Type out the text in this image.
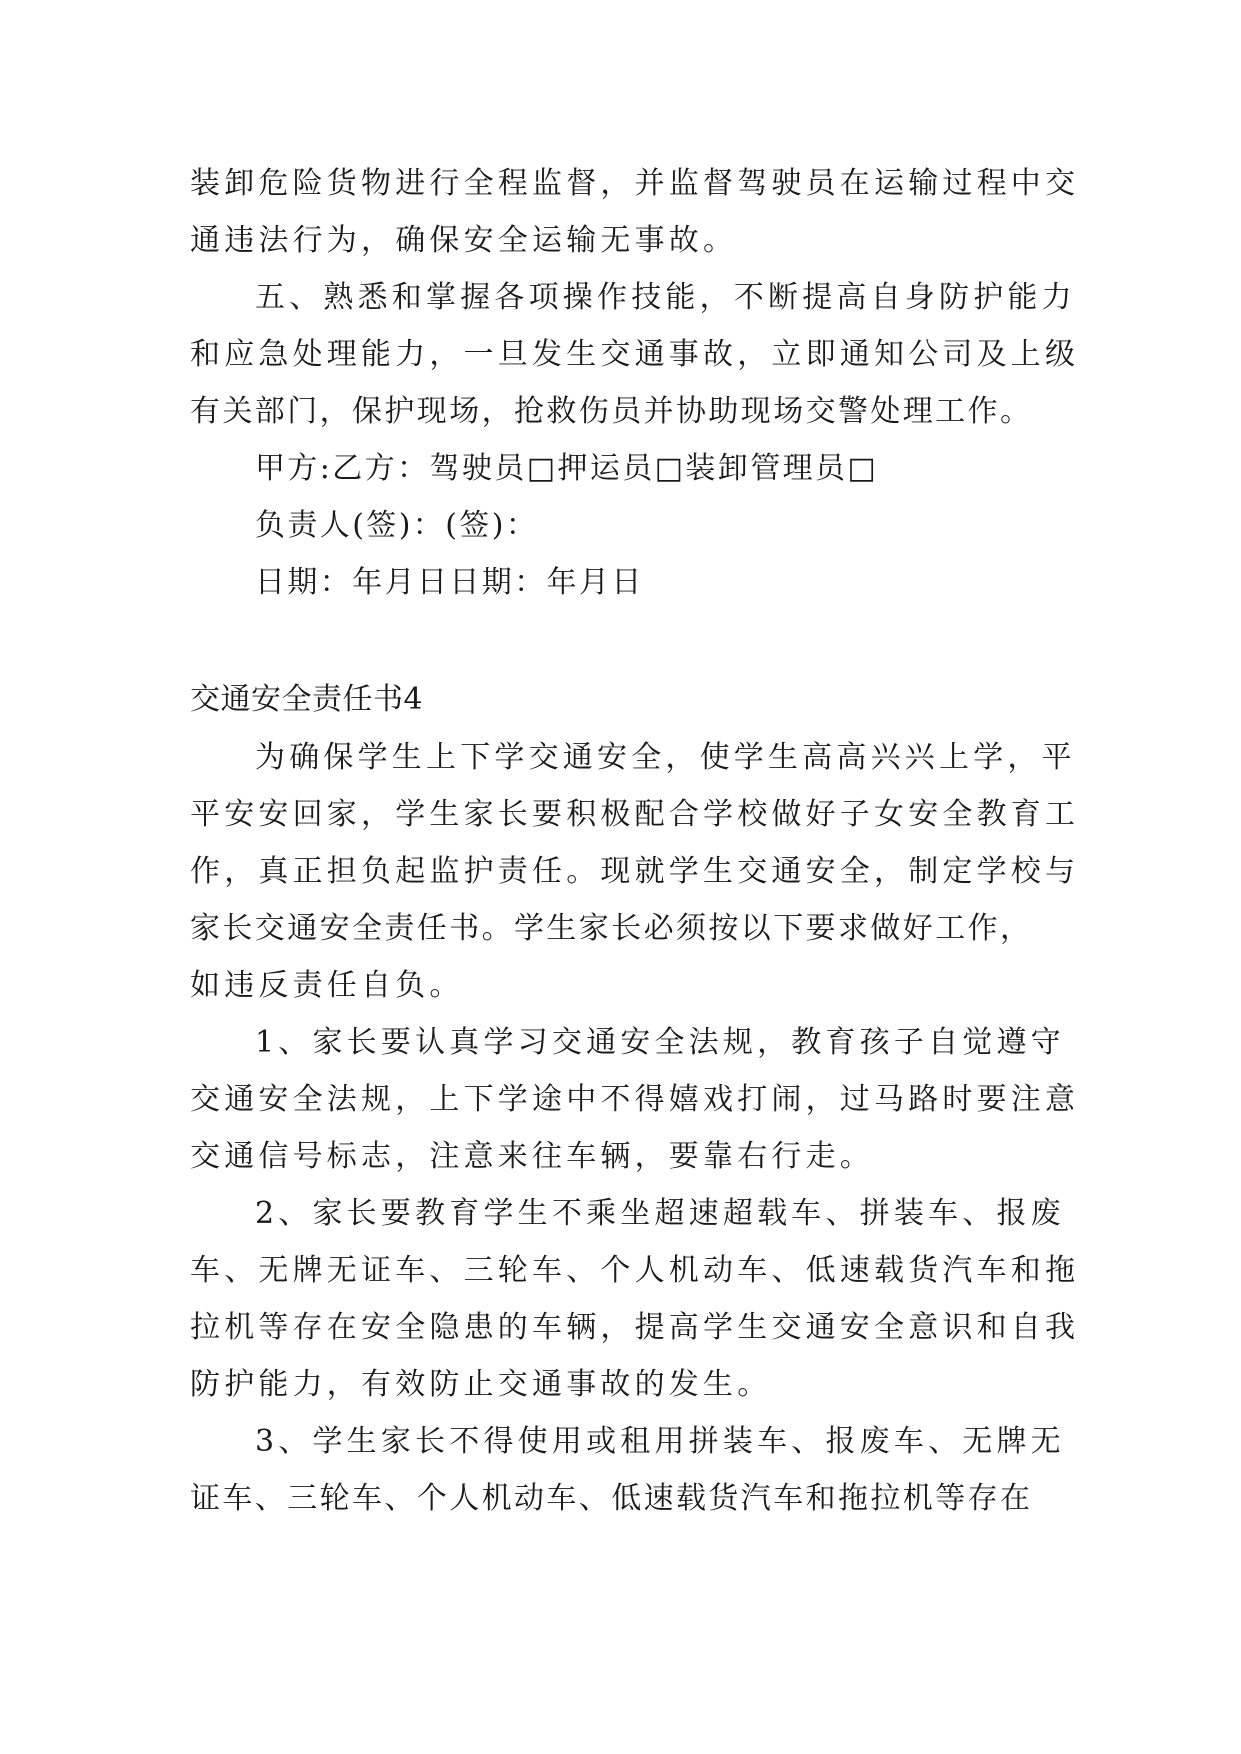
装卸危险货物进行全程监督，并监督驾驶员在运输过程中交
通违法行为，确保安全运输无事故。
五、熟悉和掌握各项操作技能，不断提高自身防护能力
和应急处理能力，一旦发生交通事故，立即通知公司及上级
有关部门，保护现场，抢救伤员并协助现场交警处理工作。
甲方:乙方：驾驶员□押运员□装卸管理员□
负责人(签)：(签)：
日期：年月日日期：年月日
交通安全责任书4
为确保学生上下学交通安全，使学生高高兴兴上学，平
平安安回家，学生家长要积极配合学校做好子女安全教育工
作，真正担负起监护责任。现就学生交通安全，制定学校与
家长交通安全责任书。学生家长必须按以下要求做好工作，
如违反责任自负。
1、家长要认真学习交通安全法规，教育孩子自觉遵守
交通安全法规，上下学途中不得嬉戏打闹，过马路时要注意
交通信号标志，注意来往车辆，要靠右行走。
2、家长要教育学生不乘坐超速超载车、拼装车、报废
车、无牌无证车、三轮车、个人机动车、低速载货汽车和拖
拉机等存在安全隐患的车辆，提高学生交通安全意识和自我
防护能力，有效防止交通事故的发生。
3、学生家长不得使用或租用拼装车、报废车、无牌无
证车、三轮车、个人机动车、低速载货汽车和拖拉机等存在
